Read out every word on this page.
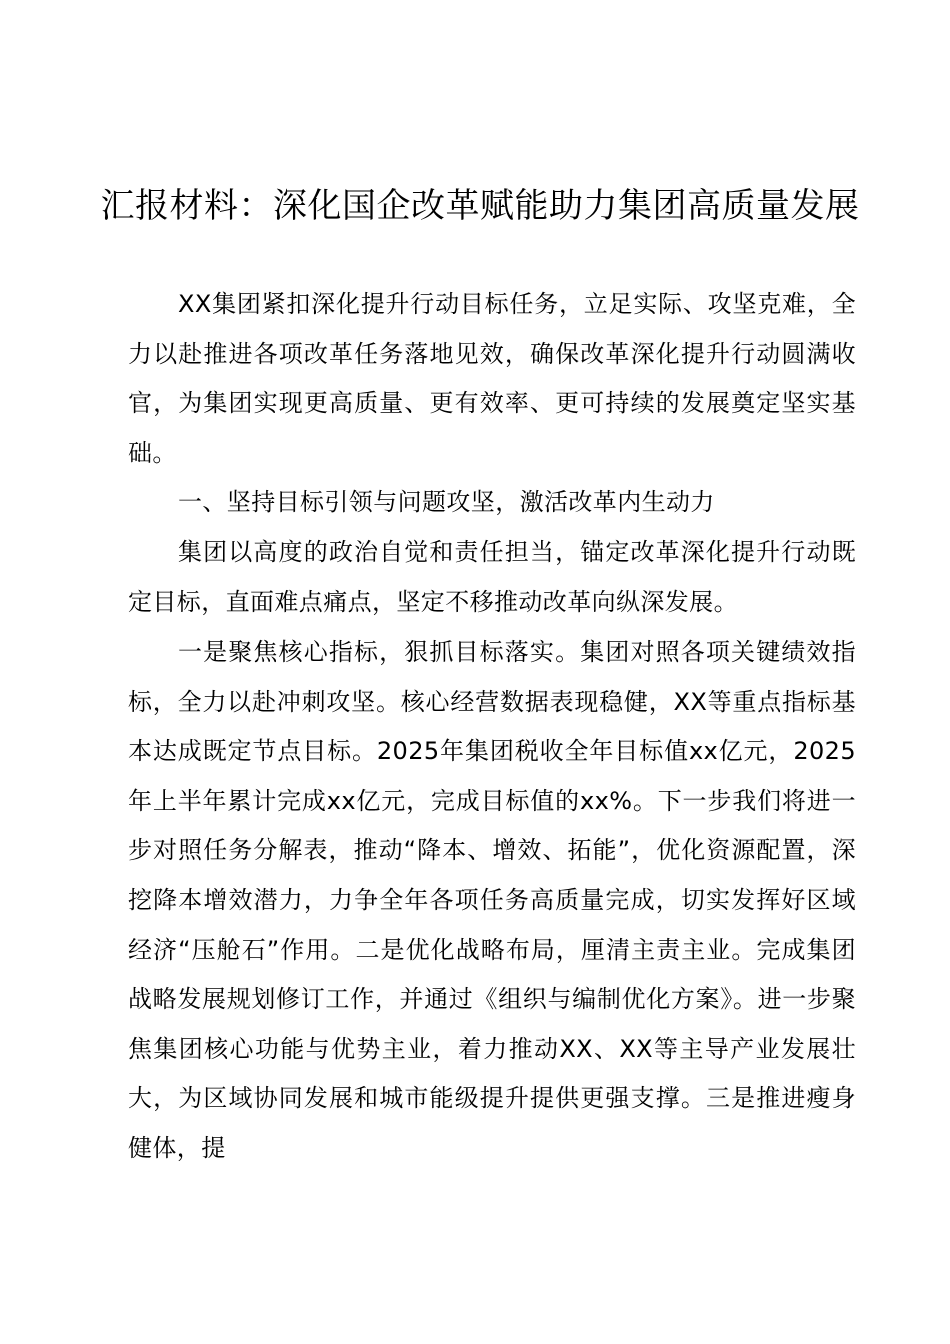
汇报材料：深化国企改革赋能助力集团高质量发展

XX集团紧扣深化提升行动目标任务，立足实际、攻坚克难，全力以赴推进各项改革任务落地见效，确保改革深化提升行动圆满收官，为集团实现更高质量、更有效率、更可持续的发展奠定坚实基础。

一、坚持目标引领与问题攻坚，激活改革内生动力

集团以高度的政治自觉和责任担当，锚定改革深化提升行动既定目标，直面难点痛点，坚定不移推动改革向纵深发展。

一是聚焦核心指标，狠抓目标落实。集团对照各项关键绩效指标，全力以赴冲刺攻坚。核心经营数据表现稳健，XX等重点指标基本达成既定节点目标。2025年集团税收全年目标值xx亿元，2025年上半年累计完成xx亿元，完成目标值的xx%。下一步我们将进一步对照任务分解表，推动“降本、增效、拓能”，优化资源配置，深挖降本增效潜力，力争全年各项任务高质量完成，切实发挥好区域经济“压舱石”作用。二是优化战略布局，厘清主责主业。完成集团战略发展规划修订工作，并通过《组织与编制优化方案》。进一步聚焦集团核心功能与优势主业，着力推动XX、XX等主导产业发展壮大，为区域协同发展和城市能级提升提供更强支撑。三是推进瘦身健体，提
